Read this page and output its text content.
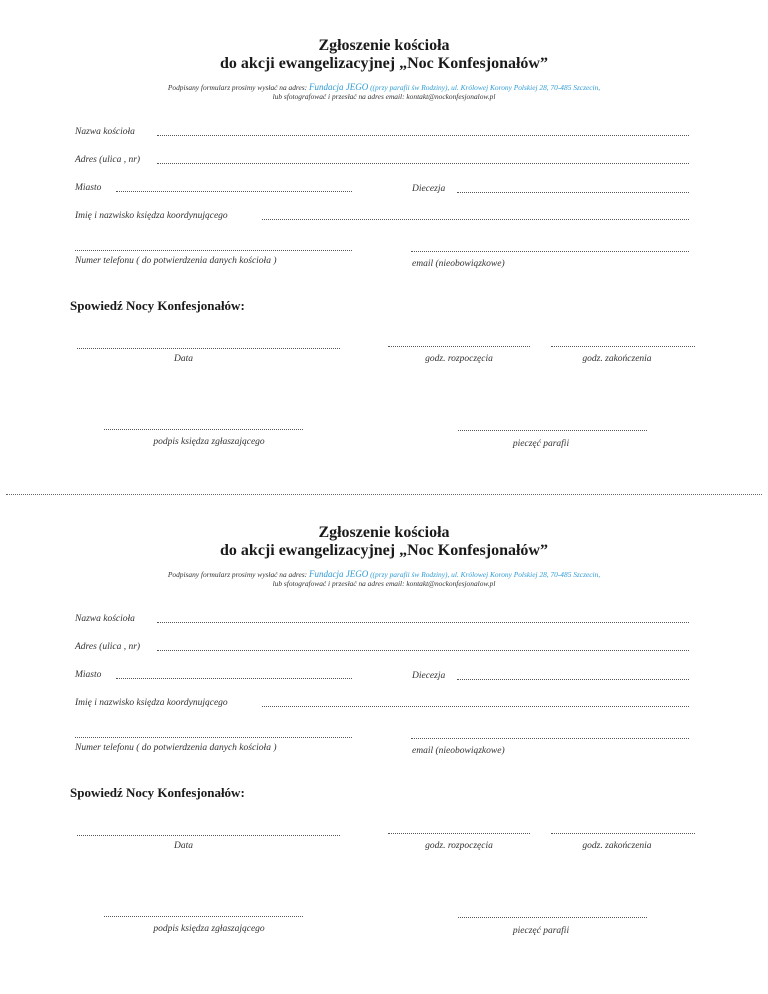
Zgłoszenie kościoła
do akcji ewangelizacyjnej „Noc Konfesjonałów”
Podpisany formularz prosimy wysłać na adres: Fundacja JEGO ((przy parafii św Rodziny), ul. Królowej Korony Polskiej 28, 70-485 Szczecin,
lub sfotografować i przesłać na adres email: kontakt@nockonfesjonalow.pl
Nazwa kościoła
Adres (ulica , nr)
Miasto	Diecezja
Imię i nazwisko księdza koordynującego
Numer telefonu ( do potwierdzenia danych kościoła )	email (nieobowiązkowe)
Spowiedź Nocy Konfesjonałów:
Data	godz. rozpoczęcia	godz. zakończenia
podpis księdza zgłaszającego	pieczęć parafii
Zgłoszenie kościoła
do akcji ewangelizacyjnej „Noc Konfesjonałów”
Podpisany formularz prosimy wysłać na adres: Fundacja JEGO ((przy parafii św Rodziny), ul. Królowej Korony Polskiej 28, 70-485 Szczecin,
lub sfotografować i przesłać na adres email: kontakt@nockonfesjonalow.pl
Nazwa kościoła
Adres (ulica , nr)
Miasto	Diecezja
Imię i nazwisko księdza koordynującego
Numer telefonu ( do potwierdzenia danych kościoła )	email (nieobowiązkowe)
Spowiedź Nocy Konfesjonałów:
Data	godz. rozpoczęcia	godz. zakończenia
podpis księdza zgłaszającego	pieczęć parafii
